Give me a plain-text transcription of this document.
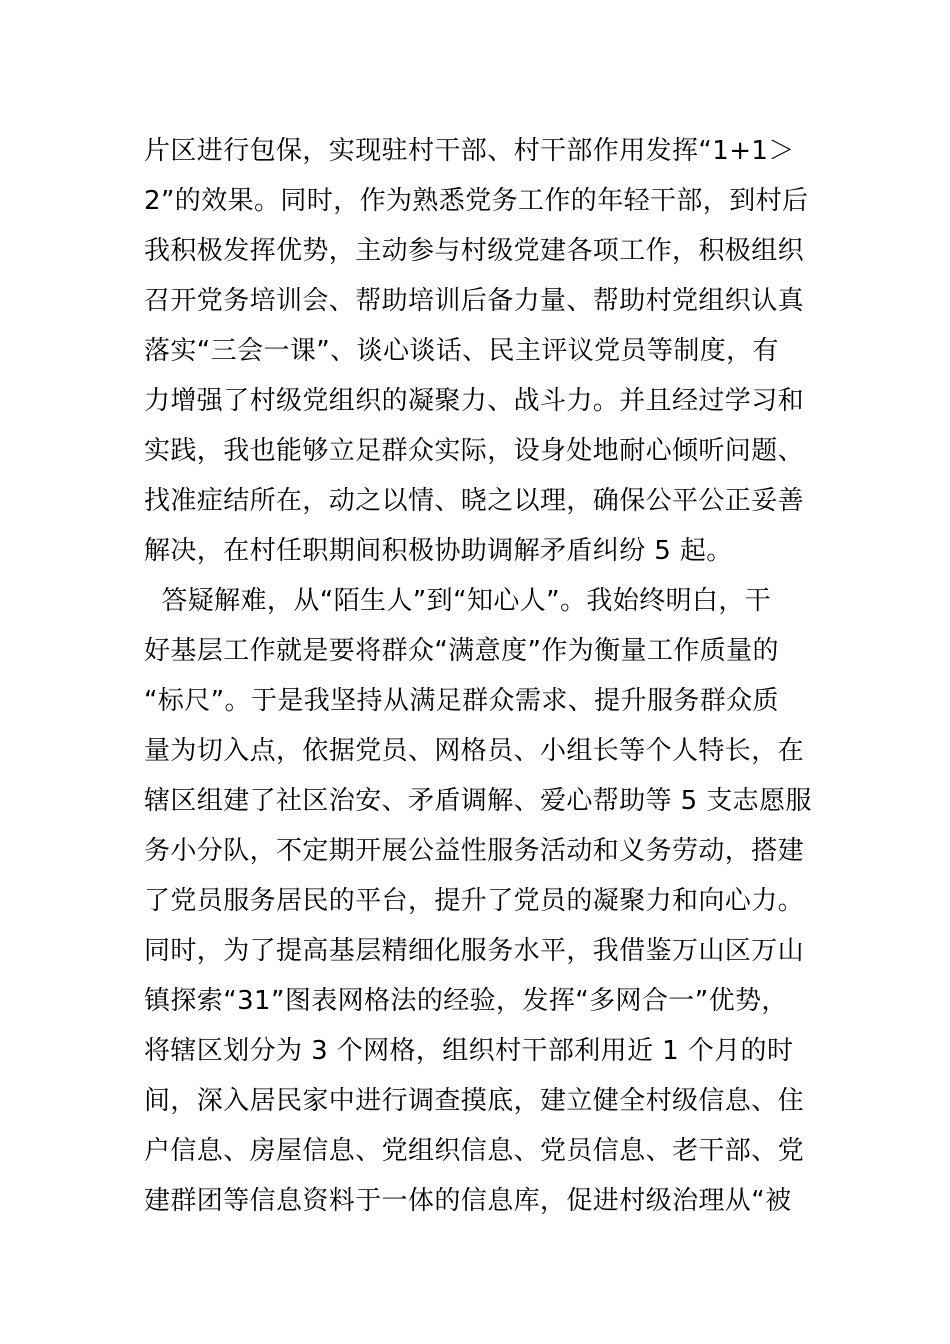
片区进行包保，实现驻村干部、村干部作用发挥“1+1＞
2”的效果。同时，作为熟悉党务工作的年轻干部，到村后
我积极发挥优势，主动参与村级党建各项工作，积极组织
召开党务培训会、帮助培训后备力量、帮助村党组织认真
落实“三会一课”、谈心谈话、民主评议党员等制度，有
力增强了村级党组织的凝聚力、战斗力。并且经过学习和
实践，我也能够立足群众实际，设身处地耐心倾听问题、
找准症结所在，动之以情、晓之以理，确保公平公正妥善
解决，在村任职期间积极协助调解矛盾纠纷 5 起。
答疑解难，从“陌生人”到“知心人”。我始终明白，干
好基层工作就是要将群众“满意度”作为衡量工作质量的
“标尺”。于是我坚持从满足群众需求、提升服务群众质
量为切入点，依据党员、网格员、小组长等个人特长，在
辖区组建了社区治安、矛盾调解、爱心帮助等 5 支志愿服
务小分队，不定期开展公益性服务活动和义务劳动，搭建
了党员服务居民的平台，提升了党员的凝聚力和向心力。
同时，为了提高基层精细化服务水平，我借鉴万山区万山
镇探索“31”图表网格法的经验，发挥“多网合一”优势，
将辖区划分为 3 个网格，组织村干部利用近 1 个月的时
间，深入居民家中进行调查摸底，建立健全村级信息、住
户信息、房屋信息、党组织信息、党员信息、老干部、党
建群团等信息资料于一体的信息库，促进村级治理从“被
